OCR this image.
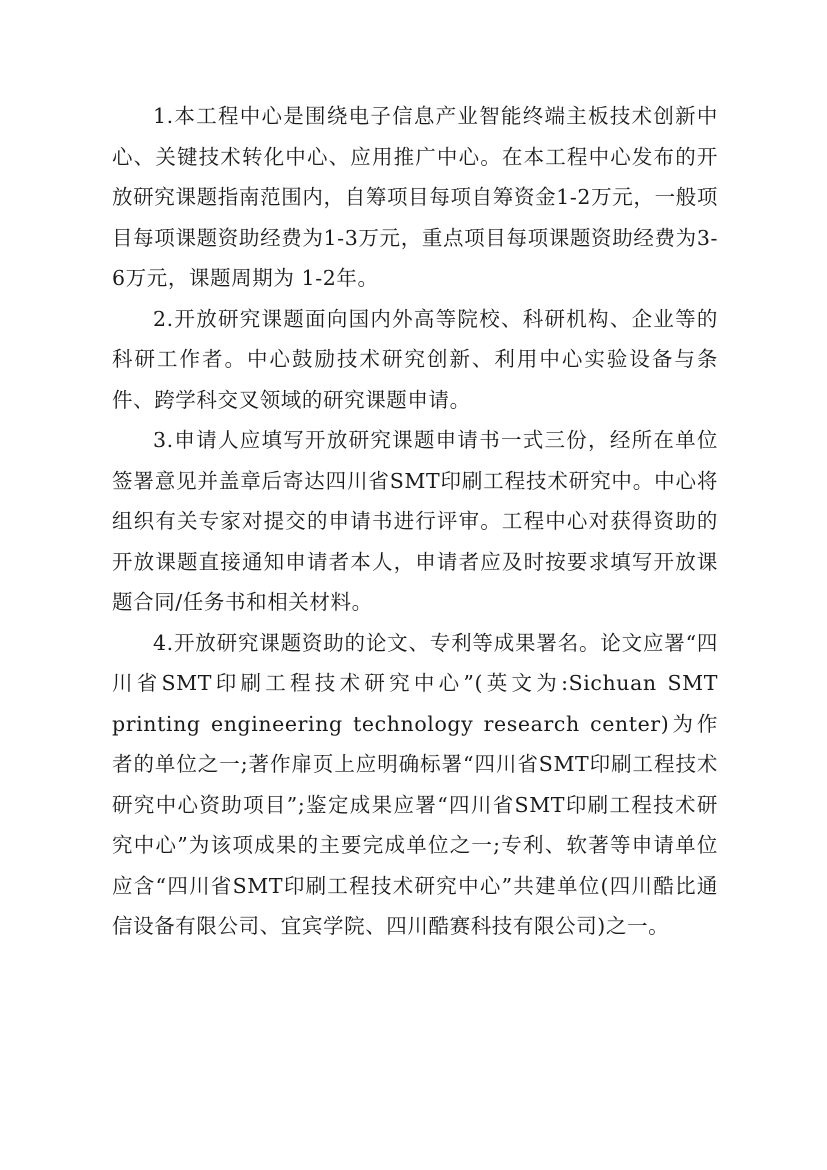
1.本工程中心是围绕电子信息产业智能终端主板技术创新中心、关键技术转化中心、应用推广中心。在本工程中心发布的开放研究课题指南范围内，自筹项目每项自筹资金1-2万元，一般项目每项课题资助经费为1-3万元，重点项目每项课题资助经费为3-6万元，课题周期为 1-2年。

2.开放研究课题面向国内外高等院校、科研机构、企业等的科研工作者。中心鼓励技术研究创新、利用中心实验设备与条件、跨学科交叉领域的研究课题申请。

3.申请人应填写开放研究课题申请书一式三份，经所在单位签署意见并盖章后寄达四川省SMT印刷工程技术研究中。中心将组织有关专家对提交的申请书进行评审。工程中心对获得资助的开放课题直接通知申请者本人，申请者应及时按要求填写开放课题合同/任务书和相关材料。

4.开放研究课题资助的论文、专利等成果署名。论文应署“四川省SMT印刷工程技术研究中心”(英文为:Sichuan SMT printing engineering technology research center)为作者的单位之一;著作扉页上应明确标署“四川省SMT印刷工程技术研究中心资助项目”;鉴定成果应署“四川省SMT印刷工程技术研究中心”为该项成果的主要完成单位之一;专利、软著等申请单位应含“四川省SMT印刷工程技术研究中心”共建单位(四川酷比通信设备有限公司、宜宾学院、四川酷赛科技有限公司)之一。
